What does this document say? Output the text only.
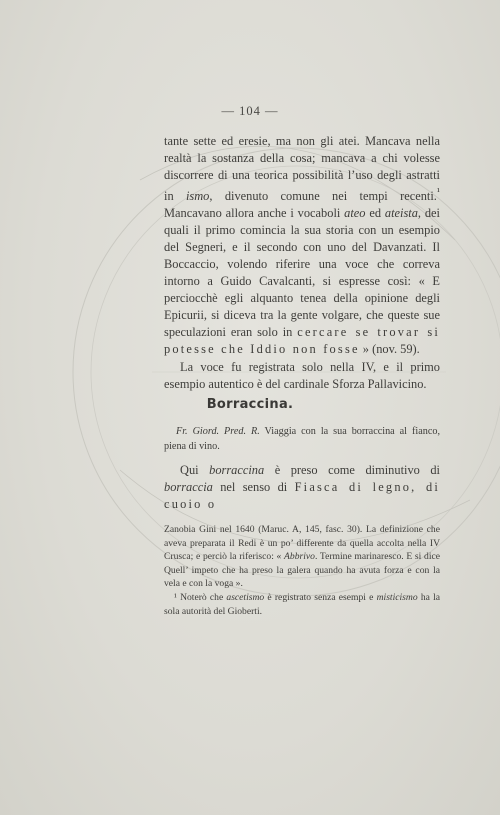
— 104 —

tante sette ed eresie, ma non gli atei. Mancava nella realtà la sostanza della cosa; mancava a chi volesse discorrere di una teorica possibilità l’uso degli astratti in ismo, divenuto comune nei tempi recenti.$^{^1}$ Mancavano allora anche i vocaboli ateo ed ateista, dei quali il primo comincia la sua storia con un esempio del Segneri, e il secondo con uno del Davanzati. Il Boccaccio, volendo riferire una voce che correva intorno a Guido Cavalcanti, si espresse così: « E perciocchè egli alquanto tenea della opinione degli Epicurii, si diceva tra la gente volgare, che queste sue speculazioni eran solo in cercare se trovar si potesse che Iddio non fosse » (nov. 59).

La voce fu registrata solo nella IV, e il primo esempio autentico è del cardinale Sforza Pallavicino.

Borraccina.
Fr. Giord. Pred. R. Viaggia con la sua borraccina al fianco, piena di vino.
Qui borraccina è preso come diminutivo di borraccia nel senso di Fiasca di legno, di cuoio o

Zanobia Gini nel 1640 (Maruc. A, 145, fasc. 30). La definizione che aveva preparata il Redi è un po’ differente da quella accolta nella IV Crusca; e perciò la riferisco: « Abbrivo. Termine marinaresco. E si dice Quell’ impeto che ha preso la galera quando ha avuta forza e con la vela e con la voga ».

¹ Noterò che ascetismo è registrato senza esempi e misticismo ha la sola autorità del Gioberti.
